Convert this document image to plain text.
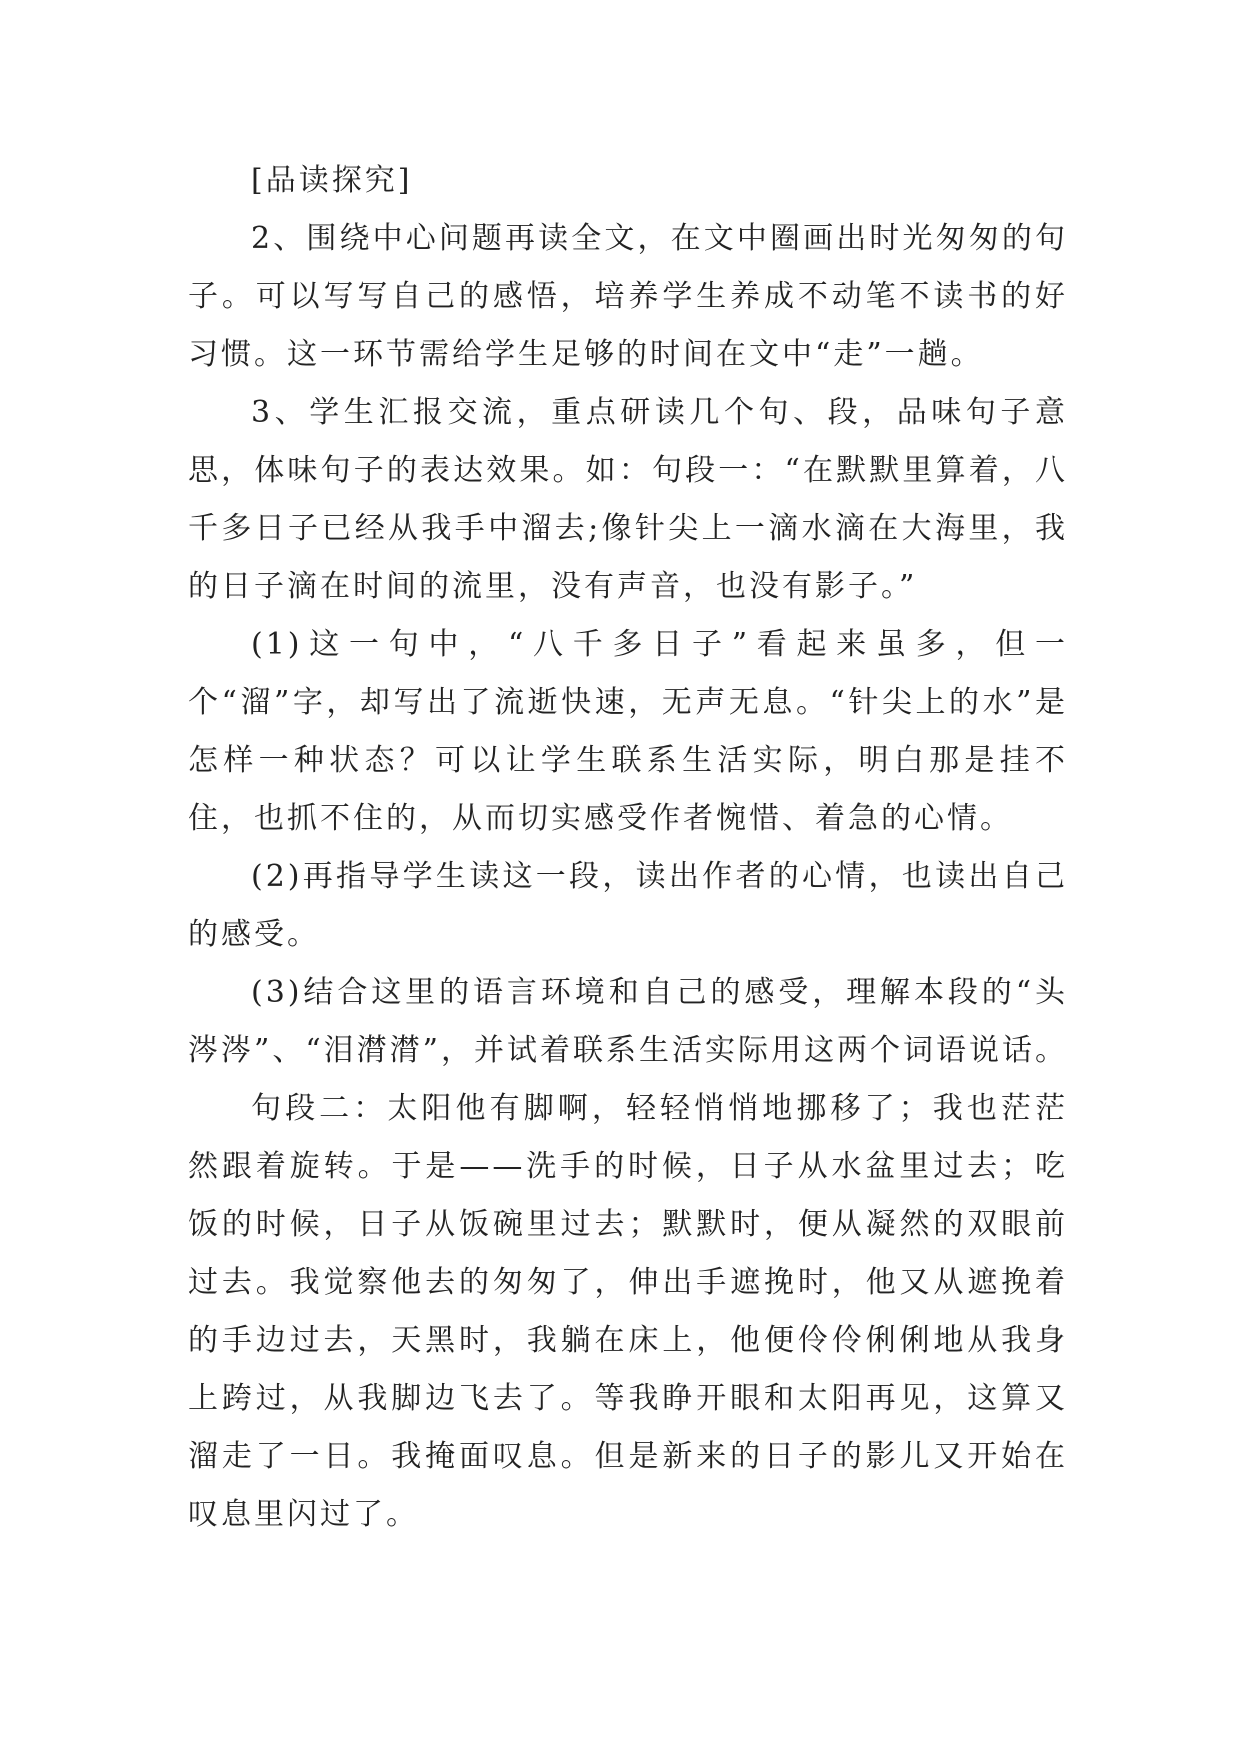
[品读探究]

2、围绕中心问题再读全文，在文中圈画出时光匆匆的句子。可以写写自己的感悟，培养学生养成不动笔不读书的好习惯。这一环节需给学生足够的时间在文中“走”一趟。

3、学生汇报交流，重点研读几个句、段，品味句子意思，体味句子的表达效果。如：句段一：“在默默里算着，八千多日子已经从我手中溜去;像针尖上一滴水滴在大海里，我的日子滴在时间的流里，没有声音，也没有影子。”

(1)这一句中，“八千多日子”看起来虽多，但一个“溜”字，却写出了流逝快速，无声无息。“针尖上的水”是怎样一种状态？可以让学生联系生活实际，明白那是挂不住，也抓不住的，从而切实感受作者惋惜、着急的心情。

(2)再指导学生读这一段，读出作者的心情，也读出自己的感受。

(3)结合这里的语言环境和自己的感受，理解本段的“头涔涔”、“泪潸潸”，并试着联系生活实际用这两个词语说话。

句段二：太阳他有脚啊，轻轻悄悄地挪移了；我也茫茫然跟着旋转。于是——洗手的时候，日子从水盆里过去；吃饭的时候，日子从饭碗里过去；默默时，便从凝然的双眼前过去。我觉察他去的匆匆了，伸出手遮挽时，他又从遮挽着的手边过去，天黑时，我躺在床上，他便伶伶俐俐地从我身上跨过，从我脚边飞去了。等我睁开眼和太阳再见，这算又溜走了一日。我掩面叹息。但是新来的日子的影儿又开始在叹息里闪过了。
